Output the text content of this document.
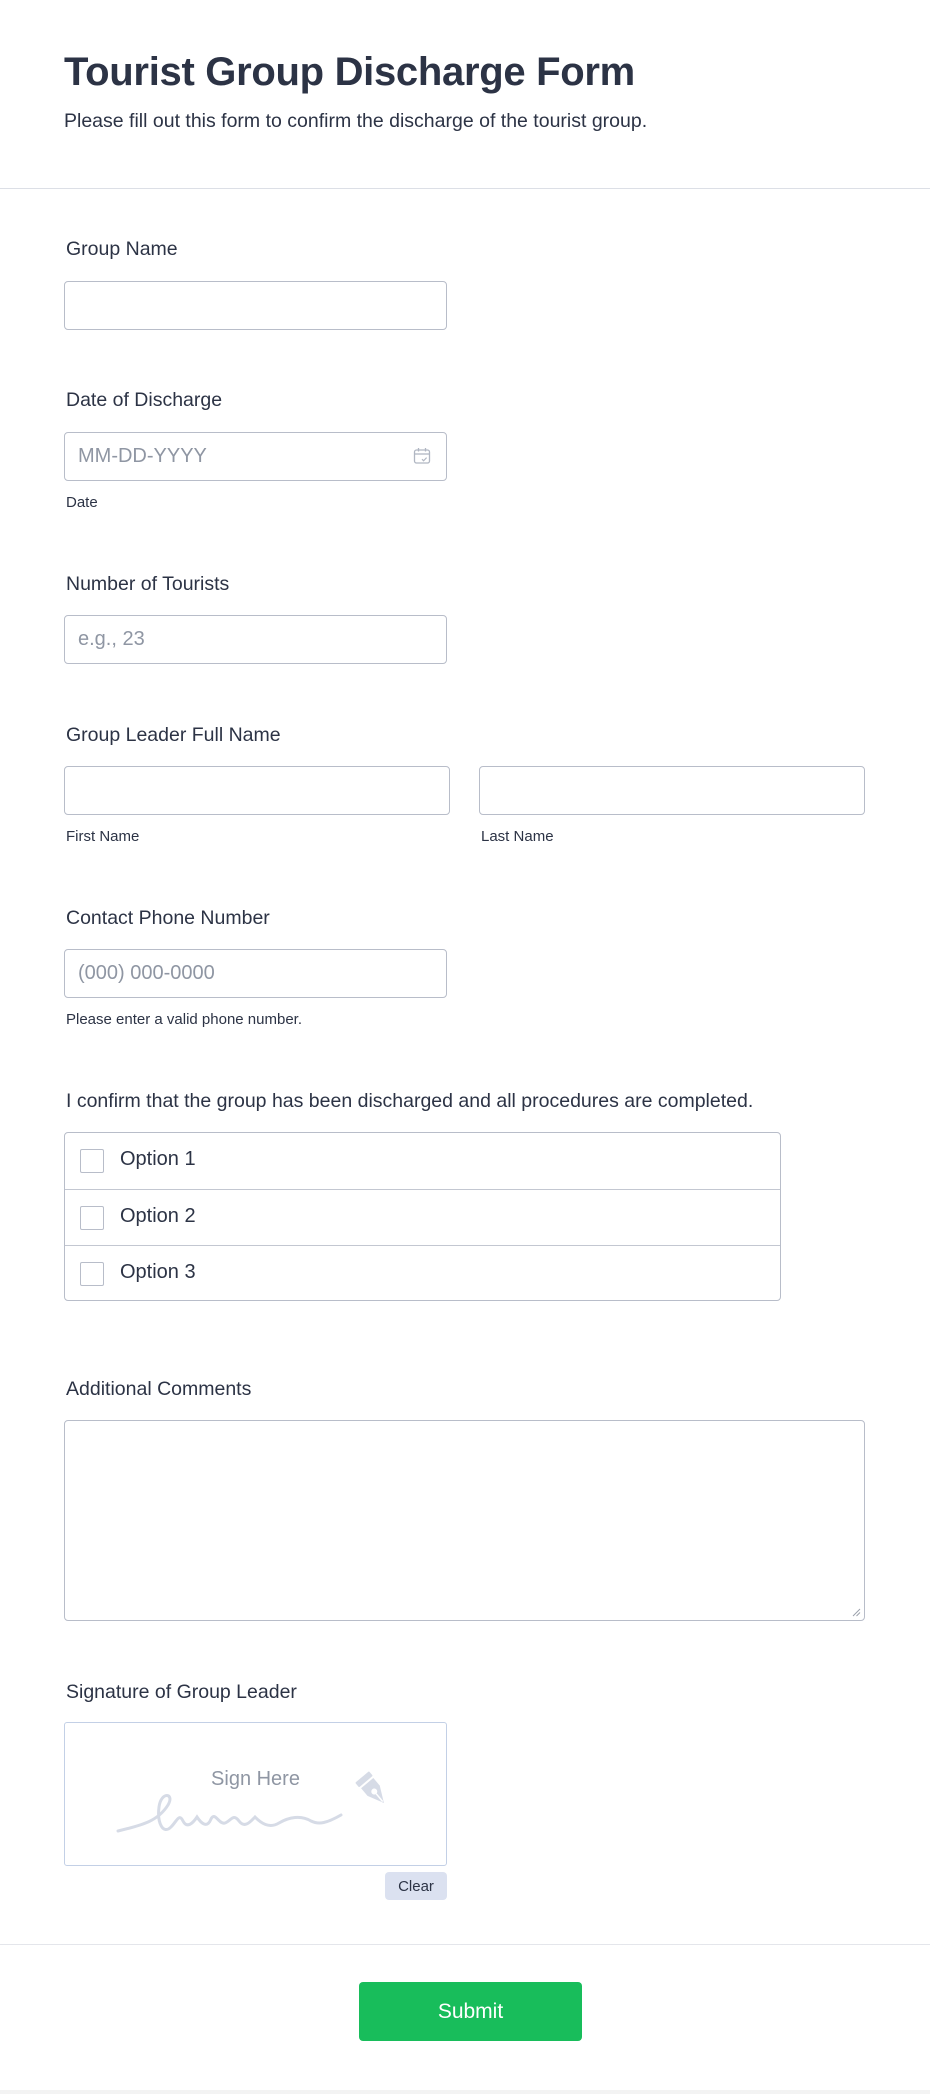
Tourist Group Discharge Form
Please fill out this form to confirm the discharge of the tourist group.
Group Name
Date of Discharge
MM-DD-YYYY
Date
Number of Tourists
e.g., 23
Group Leader Full Name
First Name	Last Name
Contact Phone Number
(000) 000-0000
Please enter a valid phone number.
I confirm that the group has been discharged and all procedures are completed.
Option 1
Option 2
Option 3
Additional Comments
Signature of Group Leader
Sign Here
Clear
Submit
